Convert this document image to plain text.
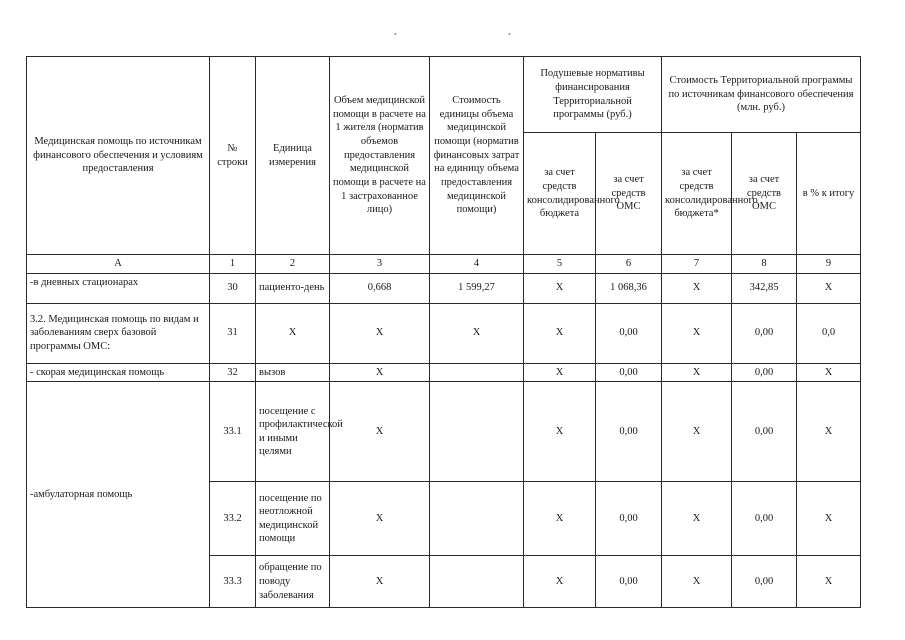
•	•
Медицинская помощь по источникам финансового обеспечения и условиям предоставления	№ строки	Единица измерения	Объем медицинской помощи в расчете на 1 жителя (норматив объемов предоставления медицинской помощи в расчете на 1 застрахованное лицо)	Стоимость единицы объема медицинской помощи (норматив финансовых затрат на единицу объема предоставления медицинской помощи)	Подушевые нормативы финансирования Территориальной программы (руб.)		Стоимость Территориальной программы по источникам финансового обеспечения (млн. руб.)		
					за счет средств консолидированного бюджета	за счет средств ОМС	за счет средств консолидированного бюджета*	за счет средств ОМС	в % к итогу
А	1	2	3	4	5	6	7	8	9
-в дневных стационарах	30	пациенто-день	0,668	1 599,27	X	1 068,36	X	342,85	X
3.2. Медицинская помощь по видам и заболеваниям сверх базовой программы ОМС:	31	X	X	X	X	0,00	X	0,00	0,0
- скорая медицинская помощь	32	вызов	X		X	0,00	X	0,00	X
-амбулаторная помощь	33.1	посещение с профилактической и иными целями	X		X	0,00	X	0,00	X
	33.2	посещение по неотложной медицинской помощи	X		X	0,00	X	0,00	X
	33.3	обращение по поводу заболевания	X		X	0,00	X	0,00	X
